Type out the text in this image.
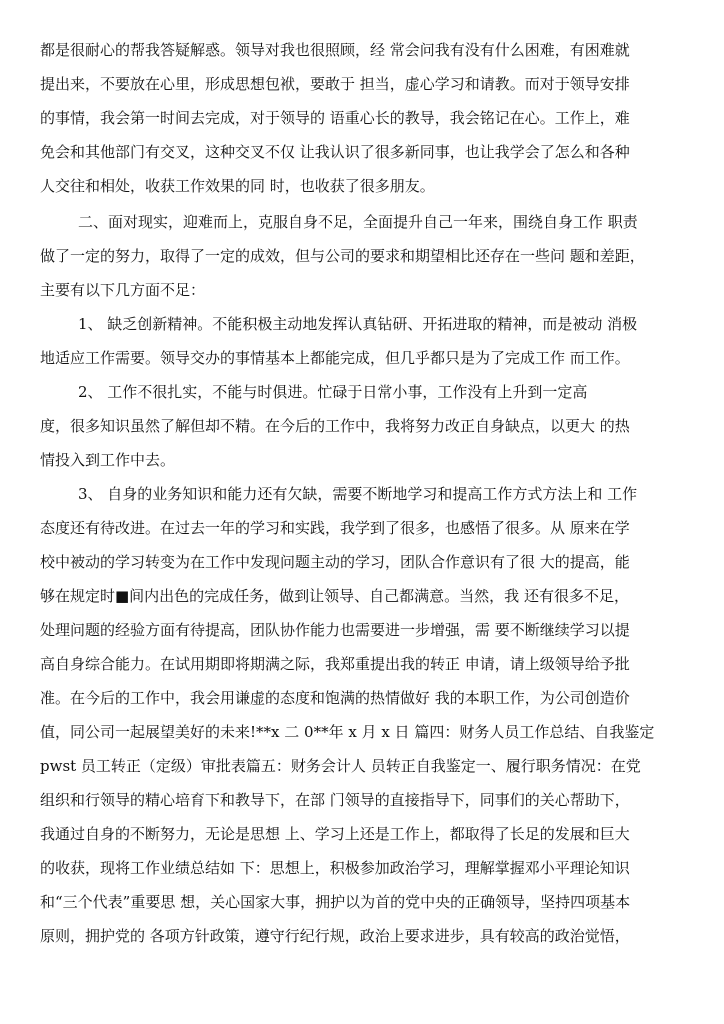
都是很耐心的帮我答疑解惑。领导对我也很照顾，经 常会问我有没有什么困难，有困难就
提出来，不要放在心里，形成思想包袱，要敢于 担当，虚心学习和请教。而对于领导安排
的事情，我会第一时间去完成，对于领导的 语重心长的教导，我会铭记在心。工作上，难
免会和其他部门有交叉，这种交叉不仅 让我认识了很多新同事，也让我学会了怎么和各种
人交往和相处，收获工作效果的同 时，也收获了很多朋友。
二、面对现实，迎难而上，克服自身不足，全面提升自己一年来，围绕自身工作 职责
做了一定的努力，取得了一定的成效，但与公司的要求和期望相比还存在一些问 题和差距，
主要有以下几方面不足：
1、 缺乏创新精神。不能积极主动地发挥认真钻研、开拓进取的精神，而是被动 消极
地适应工作需要。领导交办的事情基本上都能完成，但几乎都只是为了完成工作 而工作。
2、 工作不很扎实，不能与时俱进。忙碌于日常小事，工作没有上升到一定高
度，很多知识虽然了解但却不精。在今后的工作中，我将努力改正自身缺点，以更大 的热
情投入到工作中去。
3、 自身的业务知识和能力还有欠缺，需要不断地学习和提高工作方式方法上和 工作
态度还有待改进。在过去一年的学习和实践，我学到了很多，也感悟了很多。从 原来在学
校中被动的学习转变为在工作中发现问题主动的学习，团队合作意识有了很 大的提高，能
够在规定时■间内出色的完成任务，做到让领导、自己都满意。当然，我 还有很多不足，
处理问题的经验方面有待提高，团队协作能力也需要进一步增强，需 要不断继续学习以提
高自身综合能力。在试用期即将期满之际，我郑重提出我的转正 申请，请上级领导给予批
准。在今后的工作中，我会用谦虚的态度和饱满的热情做好 我的本职工作，为公司创造价
值，同公司一起展望美好的未来!**x 二 0**年 x 月 x 日 篇四：财务人员工作总结、自我鉴定
pwst 员工转正（定级）审批表篇五：财务会计人 员转正自我鉴定一、履行职务情况：在党
组织和行领导的精心培育下和教导下，在部 门领导的直接指导下，同事们的关心帮助下，
我通过自身的不断努力，无论是思想 上、学习上还是工作上，都取得了长足的发展和巨大
的收获，现将工作业绩总结如 下：思想上，积极参加政治学习，理解掌握邓小平理论知识
和“三个代表”重要思 想，关心国家大事，拥护以为首的党中央的正确领导，坚持四项基本
原则，拥护党的 各项方针政策，遵守行纪行规，政治上要求进步，具有较高的政治觉悟，
